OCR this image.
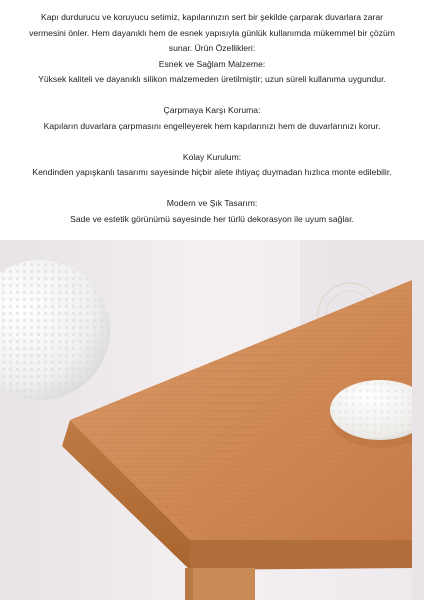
Kapı durdurucu ve koruyucu setimiz, kapılarınızın sert bir şekilde çarparak duvarlara zarar

vermesini önler. Hem dayanıklı hem de esnek yapısıyla günlük kullanımda mükemmel bir çözüm

sunar. Ürün Özellikleri:

Esnek ve Sağlam Malzeme:

Yüksek kaliteli ve dayanıklı silikon malzemeden üretilmiştir; uzun süreli kullanıma uygundur.

Çarpmaya Karşı Koruma:

Kapıların duvarlara çarpmasını engelleyerek hem kapılarınızı hem de duvarlarınızı korur.

Kolay Kurulum:

Kendinden yapışkanlı tasarımı sayesinde hiçbir alete ihtiyaç duymadan hızlıca monte edilebilir.

Modern ve Şık Tasarım:

Sade ve estetik görünümü sayesinde her türlü dekorasyon ile uyum sağlar.
